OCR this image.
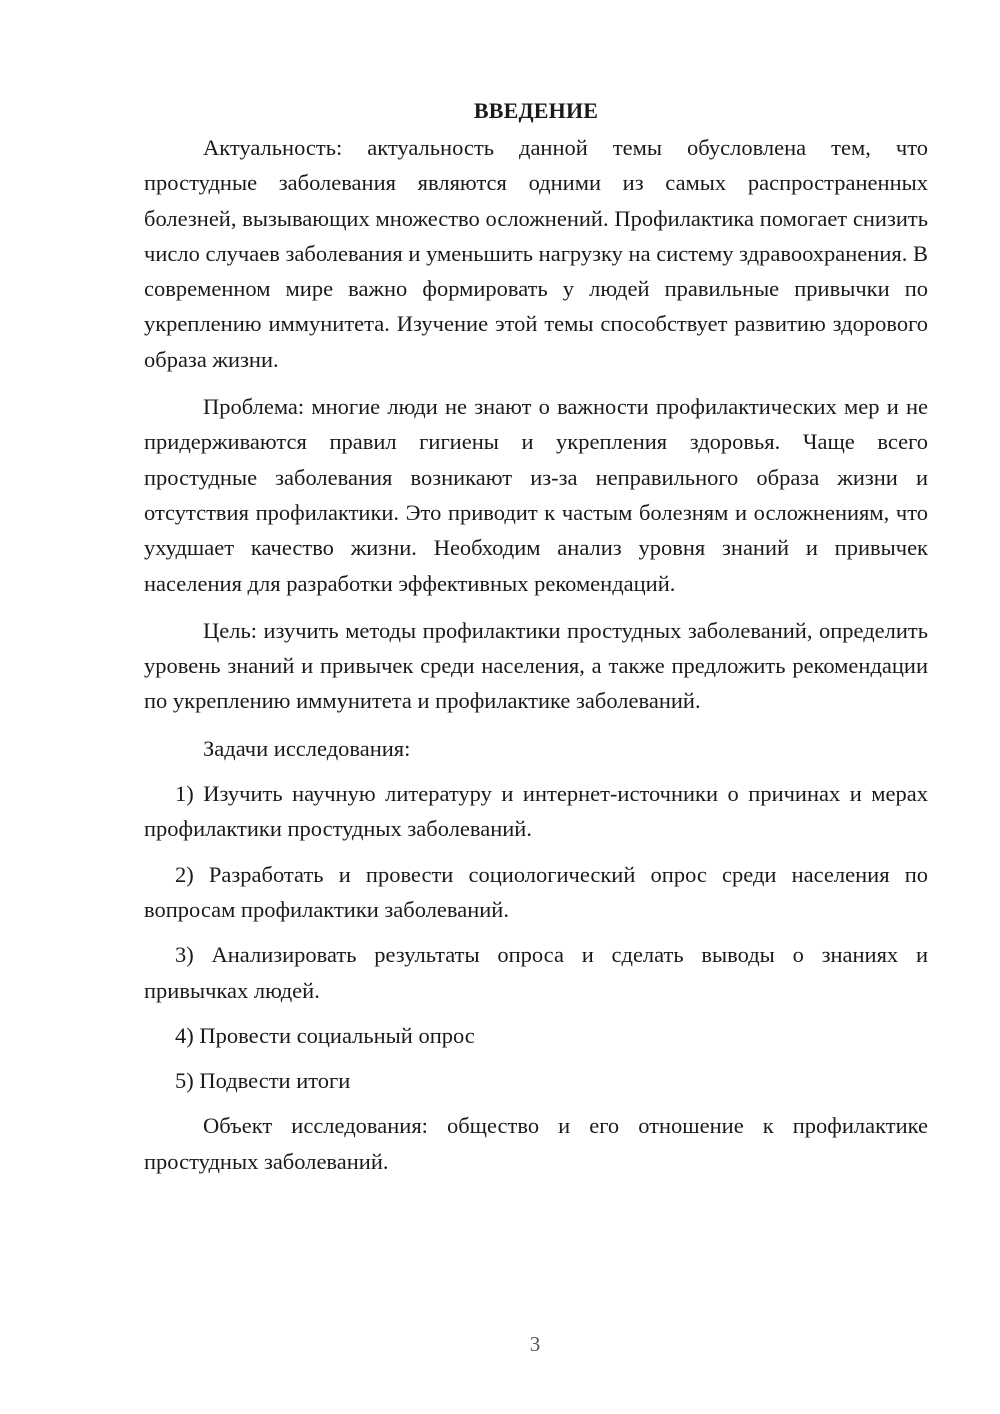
ВВЕДЕНИЕ

Актуальность: актуальность данной темы обусловлена тем, что простудные заболевания являются одними из самых распространенных болезней, вызывающих множество осложнений. Профилактика помогает снизить число случаев заболевания и уменьшить нагрузку на систему здравоохранения. В современном мире важно формировать у людей правильные привычки по укреплению иммунитета. Изучение этой темы способствует развитию здорового образа жизни.

Проблема: многие люди не знают о важности профилактических мер и не придерживаются правил гигиены и укрепления здоровья. Чаще всего простудные заболевания возникают из-за неправильного образа жизни и отсутствия профилактики. Это приводит к частым болезням и осложнениям, что ухудшает качество жизни. Необходим анализ уровня знаний и привычек населения для разработки эффективных рекомендаций.

Цель: изучить методы профилактики простудных заболеваний, определить уровень знаний и привычек среди населения, а также предложить рекомендации по укреплению иммунитета и профилактике заболеваний.

Задачи исследования:

1) Изучить научную литературу и интернет-источники о причинах и мерах профилактики простудных заболеваний.

2) Разработать и провести социологический опрос среди населения по вопросам профилактики заболеваний.

3) Анализировать результаты опроса и сделать выводы о знаниях и привычках людей.

4) Провести социальный опрос

5) Подвести итоги

Объект исследования: общество и его отношение к профилактике простудных заболеваний.

3
